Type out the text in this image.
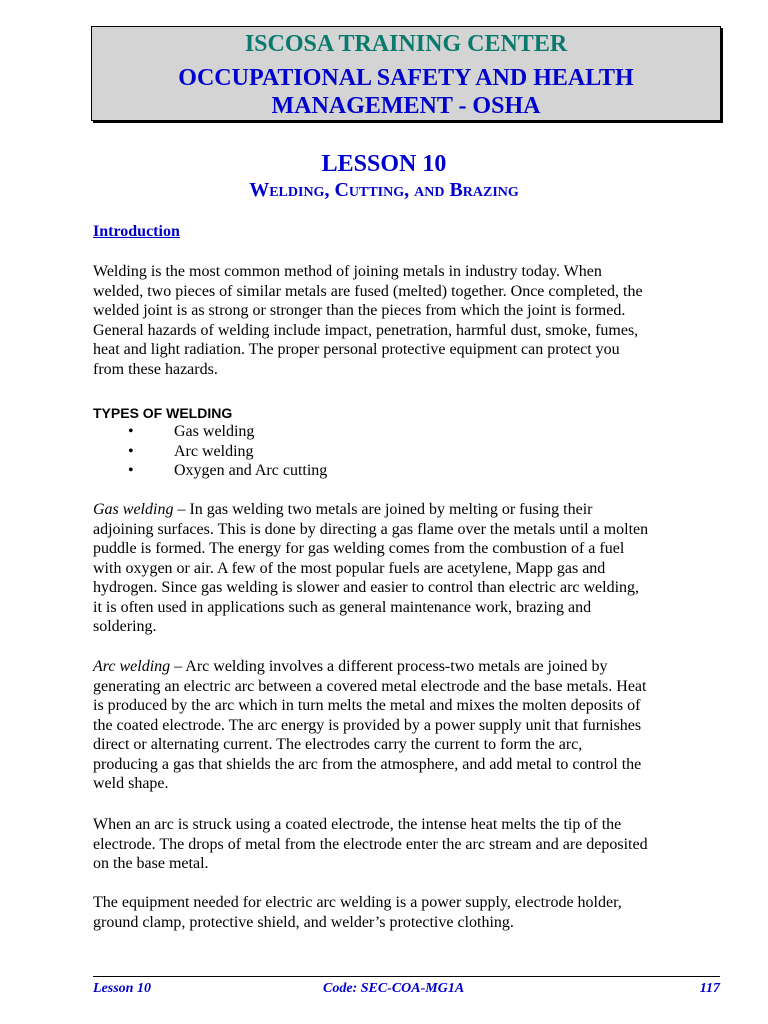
ISCOSA TRAINING CENTER
OCCUPATIONAL SAFETY AND HEALTH
MANAGEMENT - OSHA
LESSON 10
Welding, Cutting, and Brazing
Introduction

Welding is the most common method of joining metals in industry today. When
welded, two pieces of similar metals are fused (melted) together. Once completed, the
welded joint is as strong or stronger than the pieces from which the joint is formed.
General hazards of welding include impact, penetration, harmful dust, smoke, fumes,
heat and light radiation. The proper personal protective equipment can protect you
from these hazards.

TYPES OF WELDING
•	Gas welding
•	Arc welding
•	Oxygen and Arc cutting

Gas welding – In gas welding two metals are joined by melting or fusing their
adjoining surfaces. This is done by directing a gas flame over the metals until a molten
puddle is formed. The energy for gas welding comes from the combustion of a fuel
with oxygen or air. A few of the most popular fuels are acetylene, Mapp gas and
hydrogen. Since gas welding is slower and easier to control than electric arc welding,
it is often used in applications such as general maintenance work, brazing and
soldering.

Arc welding – Arc welding involves a different process-two metals are joined by
generating an electric arc between a covered metal electrode and the base metals. Heat
is produced by the arc which in turn melts the metal and mixes the molten deposits of
the coated electrode. The arc energy is provided by a power supply unit that furnishes
direct or alternating current. The electrodes carry the current to form the arc,
producing a gas that shields the arc from the atmosphere, and add metal to control the
weld shape.

When an arc is struck using a coated electrode, the intense heat melts the tip of the
electrode. The drops of metal from the electrode enter the arc stream and are deposited
on the base metal.

The equipment needed for electric arc welding is a power supply, electrode holder,
ground clamp, protective shield, and welder’s protective clothing.

Lesson 10	Code: SEC-COA-MG1A	117
